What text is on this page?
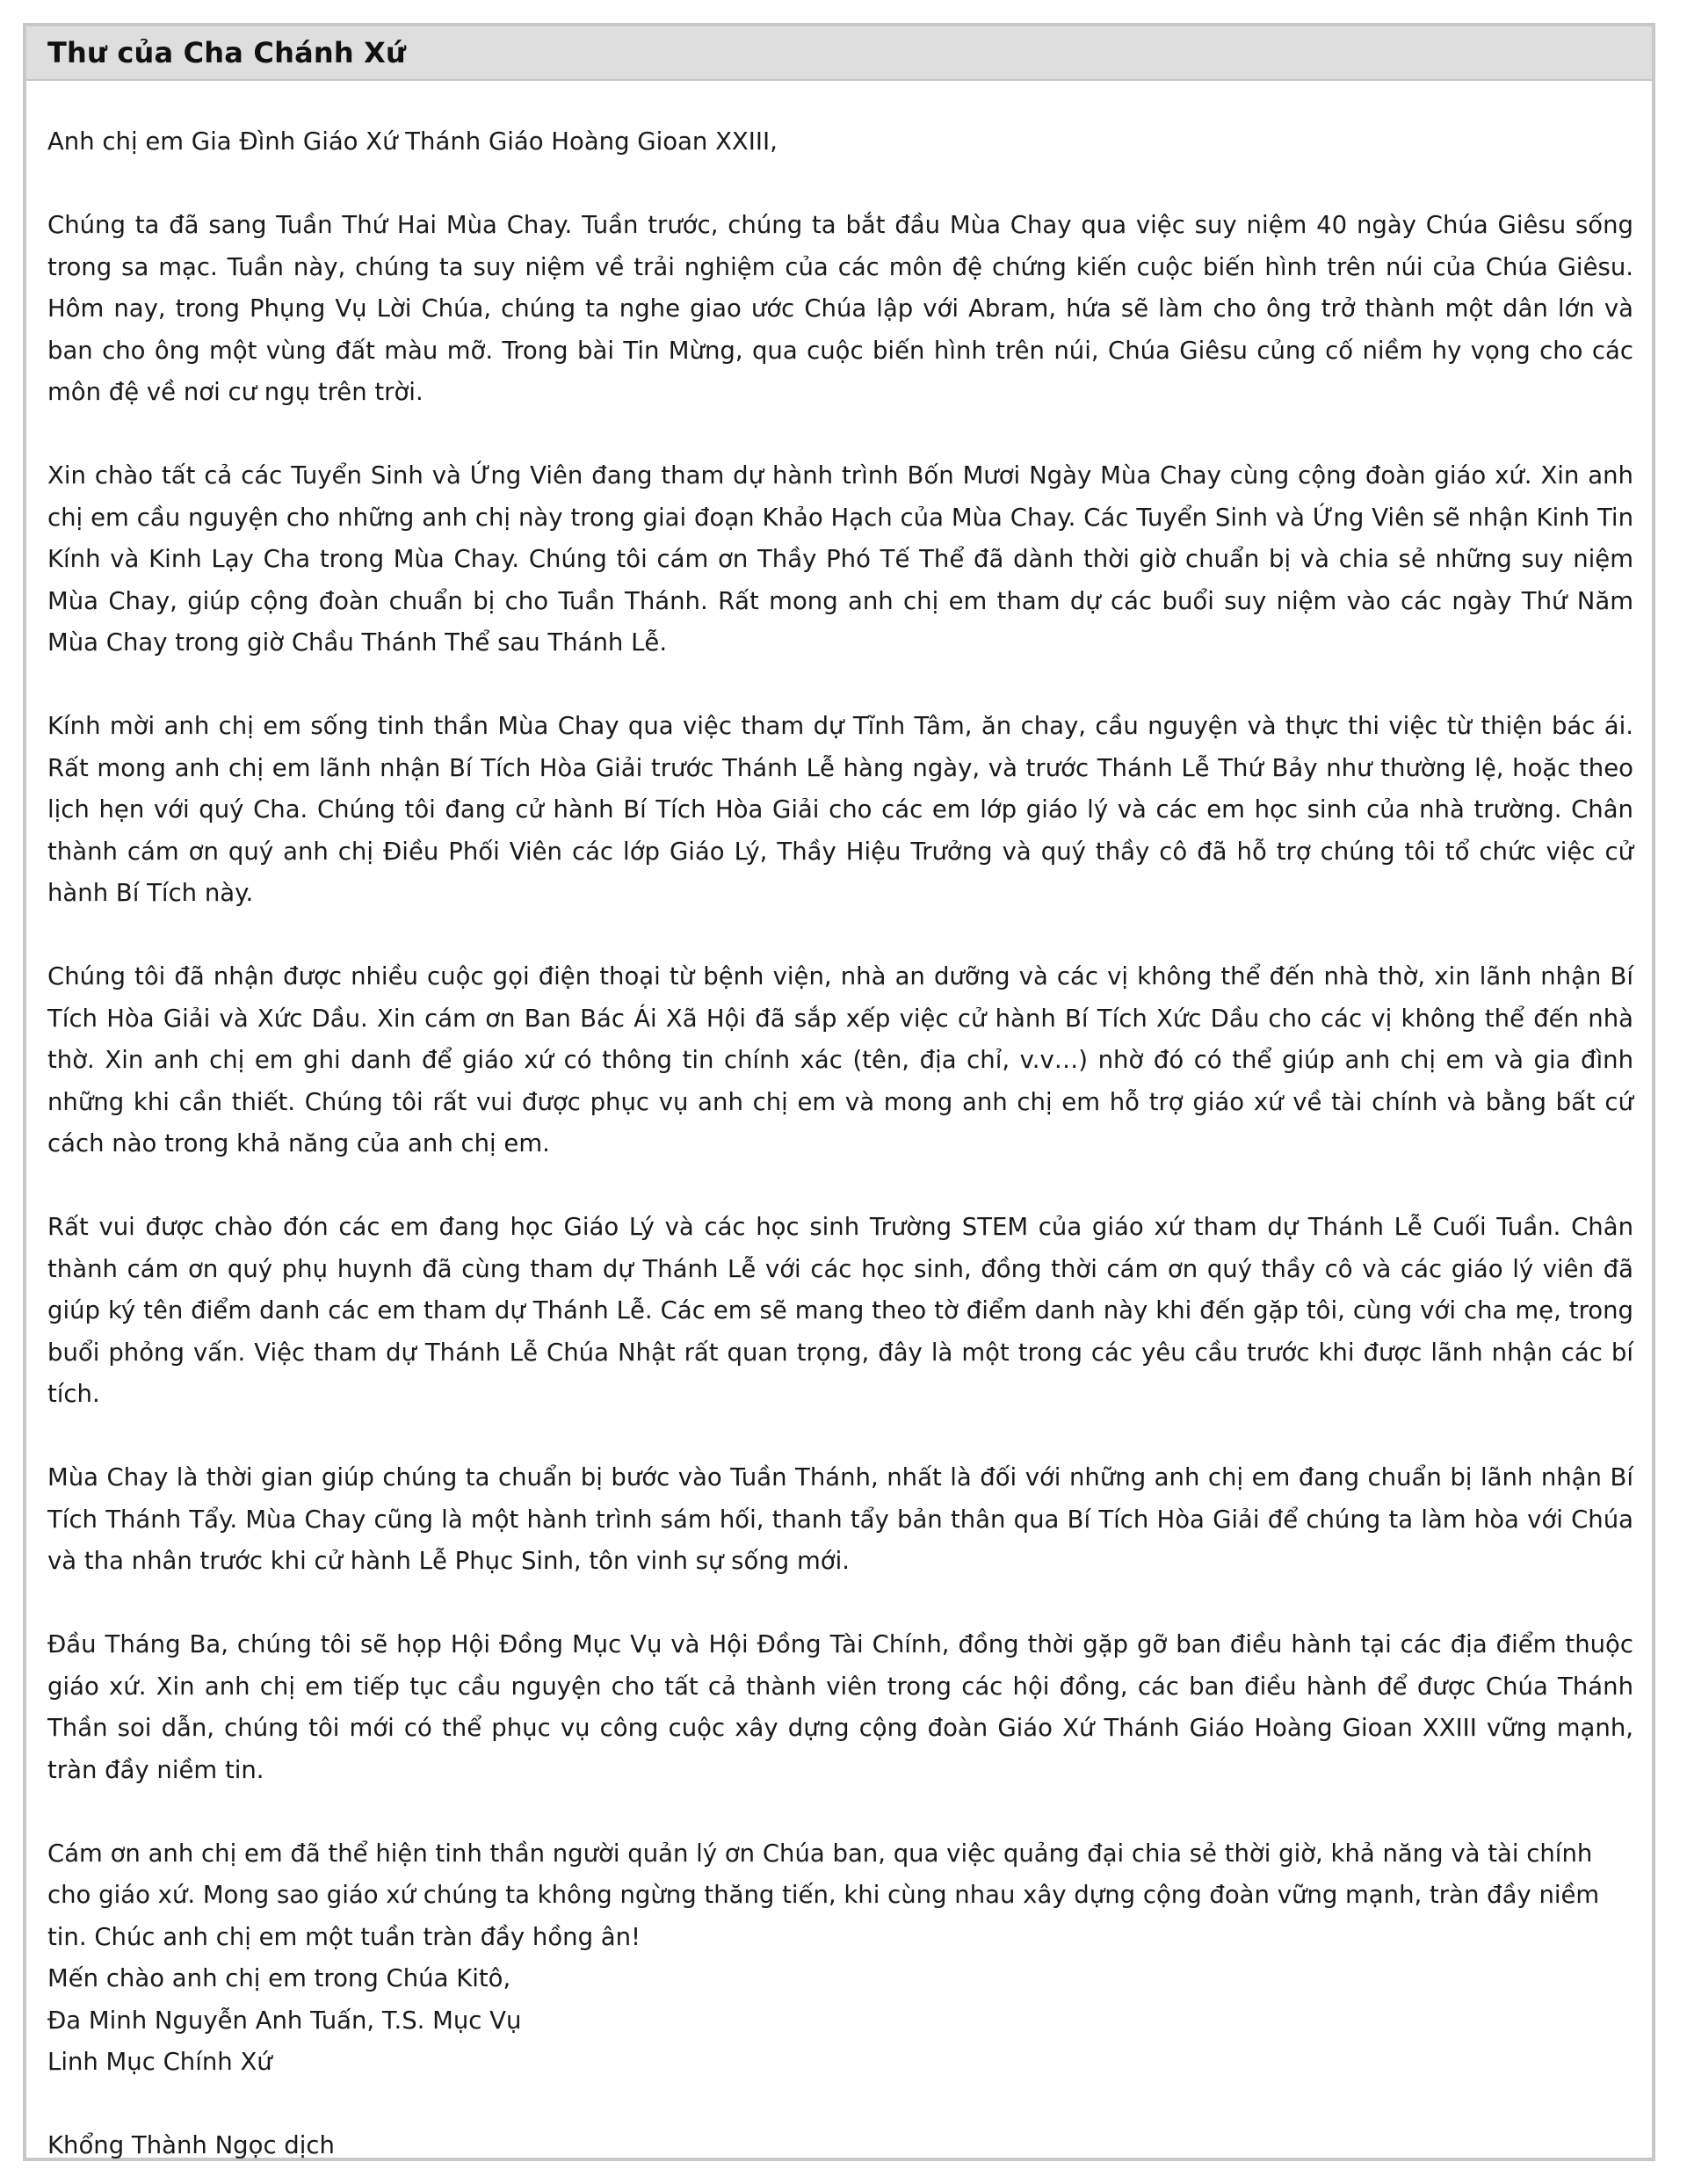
Thư của Cha Chánh Xứ

Anh chị em Gia Đình Giáo Xứ Thánh Giáo Hoàng Gioan XXIII,

Chúng ta đã sang Tuần Thứ Hai Mùa Chay. Tuần trước, chúng ta bắt đầu Mùa Chay qua việc suy niệm 40 ngày Chúa Giêsu sống trong sa mạc. Tuần này, chúng ta suy niệm về trải nghiệm của các môn đệ chứng kiến cuộc biến hình trên núi của Chúa Giêsu. Hôm nay, trong Phụng Vụ Lời Chúa, chúng ta nghe giao ước Chúa lập với Abram, hứa sẽ làm cho ông trở thành một dân lớn và ban cho ông một vùng đất màu mỡ. Trong bài Tin Mừng, qua cuộc biến hình trên núi, Chúa Giêsu củng cố niềm hy vọng cho các môn đệ về nơi cư ngụ trên trời.

Xin chào tất cả các Tuyển Sinh và Ứng Viên đang tham dự hành trình Bốn Mươi Ngày Mùa Chay cùng cộng đoàn giáo xứ. Xin anh chị em cầu nguyện cho những anh chị này trong giai đoạn Khảo Hạch của Mùa Chay. Các Tuyển Sinh và Ứng Viên sẽ nhận Kinh Tin Kính và Kinh Lạy Cha trong Mùa Chay. Chúng tôi cám ơn Thầy Phó Tế Thể đã dành thời giờ chuẩn bị và chia sẻ những suy niệm Mùa Chay, giúp cộng đoàn chuẩn bị cho Tuần Thánh. Rất mong anh chị em tham dự các buổi suy niệm vào các ngày Thứ Năm Mùa Chay trong giờ Chầu Thánh Thể sau Thánh Lễ.

Kính mời anh chị em sống tinh thần Mùa Chay qua việc tham dự Tĩnh Tâm, ăn chay, cầu nguyện và thực thi việc từ thiện bác ái. Rất mong anh chị em lãnh nhận Bí Tích Hòa Giải trước Thánh Lễ hàng ngày, và trước Thánh Lễ Thứ Bảy như thường lệ, hoặc theo lịch hẹn với quý Cha. Chúng tôi đang cử hành Bí Tích Hòa Giải cho các em lớp giáo lý và các em học sinh của nhà trường. Chân thành cám ơn quý anh chị Điều Phối Viên các lớp Giáo Lý, Thầy Hiệu Trưởng và quý thầy cô đã hỗ trợ chúng tôi tổ chức việc cử hành Bí Tích này.

Chúng tôi đã nhận được nhiều cuộc gọi điện thoại từ bệnh viện, nhà an dưỡng và các vị không thể đến nhà thờ, xin lãnh nhận Bí Tích Hòa Giải và Xức Dầu. Xin cám ơn Ban Bác Ái Xã Hội đã sắp xếp việc cử hành Bí Tích Xức Dầu cho các vị không thể đến nhà thờ. Xin anh chị em ghi danh để giáo xứ có thông tin chính xác (tên, địa chỉ, v.v…) nhờ đó có thể giúp anh chị em và gia đình những khi cần thiết. Chúng tôi rất vui được phục vụ anh chị em và mong anh chị em hỗ trợ giáo xứ về tài chính và bằng bất cứ cách nào trong khả năng của anh chị em.

Rất vui được chào đón các em đang học Giáo Lý và các học sinh Trường STEM của giáo xứ tham dự Thánh Lễ Cuối Tuần. Chân thành cám ơn quý phụ huynh đã cùng tham dự Thánh Lễ với các học sinh, đồng thời cám ơn quý thầy cô và các giáo lý viên đã giúp ký tên điểm danh các em tham dự Thánh Lễ. Các em sẽ mang theo tờ điểm danh này khi đến gặp tôi, cùng với cha mẹ, trong buổi phỏng vấn. Việc tham dự Thánh Lễ Chúa Nhật rất quan trọng, đây là một trong các yêu cầu trước khi được lãnh nhận các bí tích.

Mùa Chay là thời gian giúp chúng ta chuẩn bị bước vào Tuần Thánh, nhất là đối với những anh chị em đang chuẩn bị lãnh nhận Bí Tích Thánh Tẩy. Mùa Chay cũng là một hành trình sám hối, thanh tẩy bản thân qua Bí Tích Hòa Giải để chúng ta làm hòa với Chúa và tha nhân trước khi cử hành Lễ Phục Sinh, tôn vinh sự sống mới.

Đầu Tháng Ba, chúng tôi sẽ họp Hội Đồng Mục Vụ và Hội Đồng Tài Chính, đồng thời gặp gỡ ban điều hành tại các địa điểm thuộc giáo xứ. Xin anh chị em tiếp tục cầu nguyện cho tất cả thành viên trong các hội đồng, các ban điều hành để được Chúa Thánh Thần soi dẫn, chúng tôi mới có thể phục vụ công cuộc xây dựng cộng đoàn Giáo Xứ Thánh Giáo Hoàng Gioan XXIII vững mạnh, tràn đầy niềm tin.

Cám ơn anh chị em đã thể hiện tinh thần người quản lý ơn Chúa ban, qua việc quảng đại chia sẻ thời giờ, khả năng và tài chính cho giáo xứ. Mong sao giáo xứ chúng ta không ngừng thăng tiến, khi cùng nhau xây dựng cộng đoàn vững mạnh, tràn đầy niềm tin. Chúc anh chị em một tuần tràn đầy hồng ân!

Mến chào anh chị em trong Chúa Kitô,

Đa Minh Nguyễn Anh Tuấn, T.S. Mục Vụ

Linh Mục Chính Xứ

Khổng Thành Ngọc dịch
